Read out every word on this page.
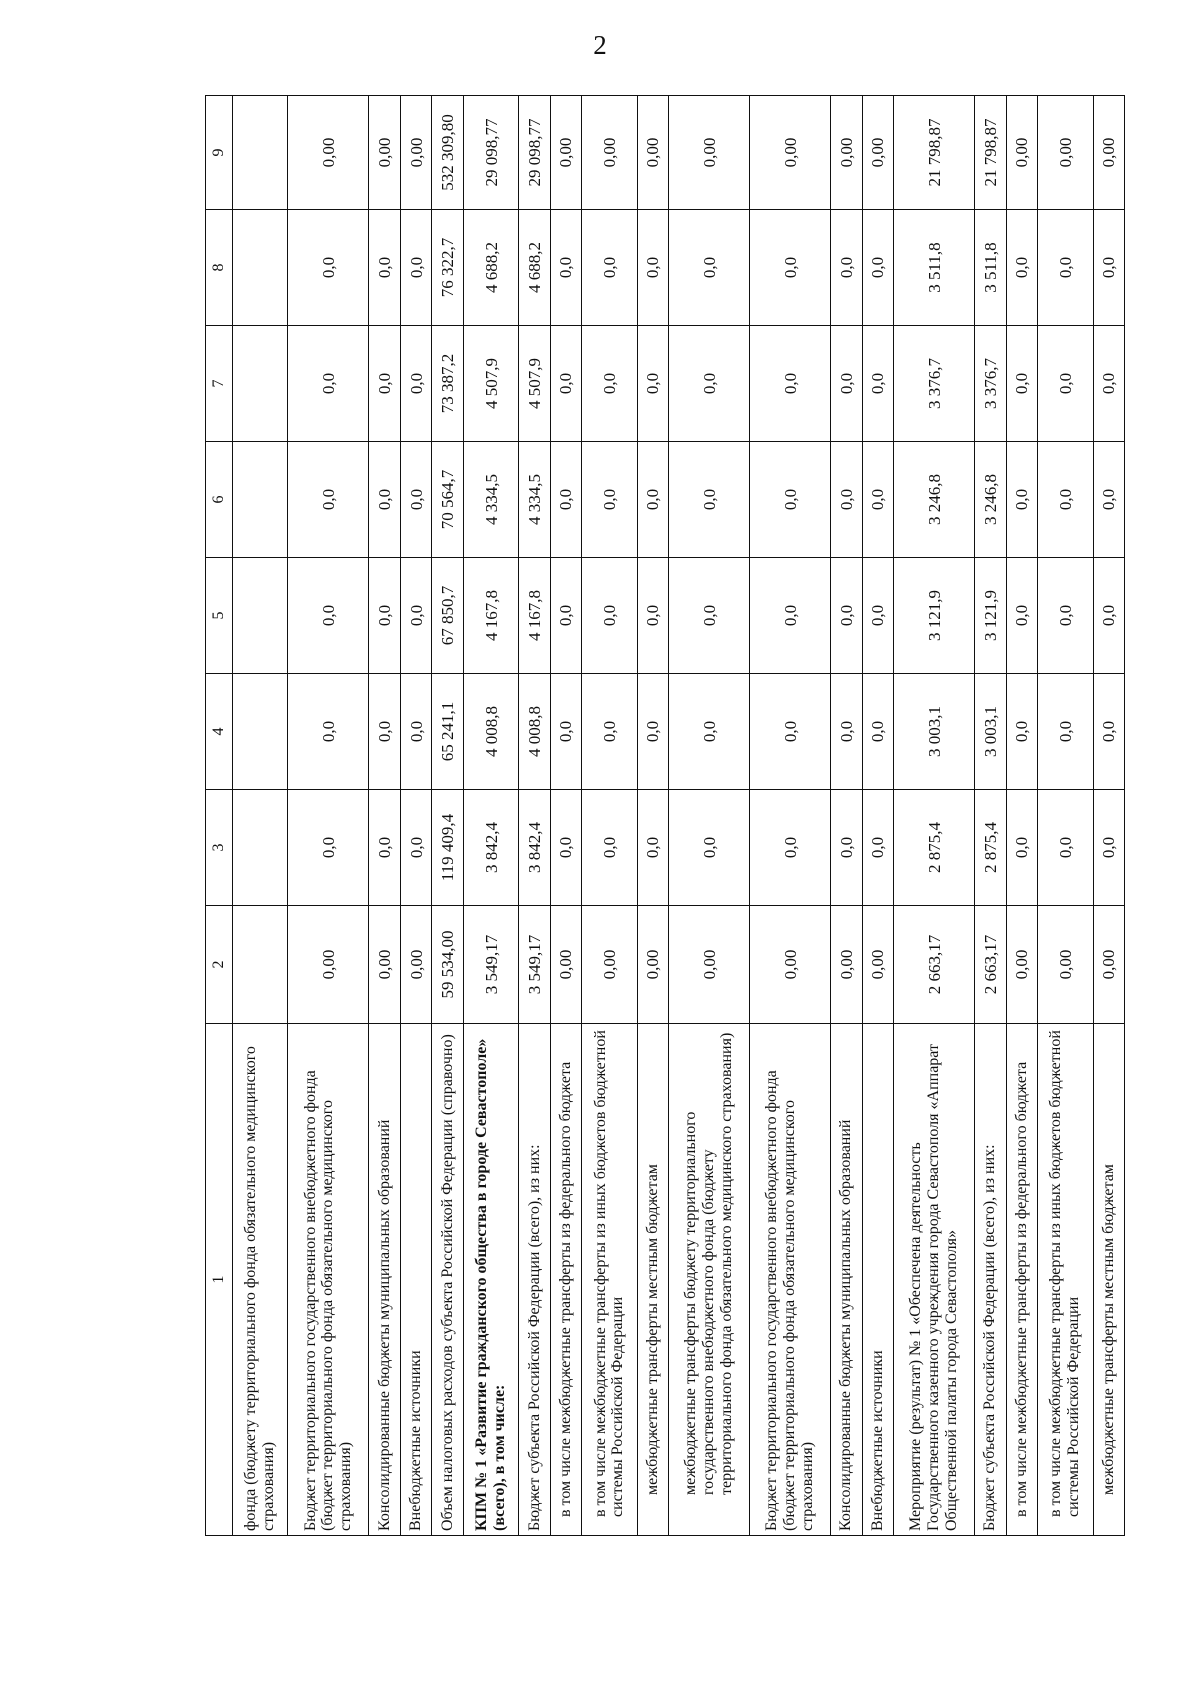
2
1	2	3	4	5	6	7	8	9
фонда (бюджету территориального фонда обязательного медицинского страхования)								
Бюджет территориального государственного внебюджетного фонда (бюджет территориального фонда обязательного медицинского страхования)	0,00	0,0	0,0	0,0	0,0	0,0	0,0	0,00
Консолидированные бюджеты муниципальных образований	0,00	0,0	0,0	0,0	0,0	0,0	0,0	0,00
Внебюджетные источники	0,00	0,0	0,0	0,0	0,0	0,0	0,0	0,00
Объем налоговых расходов субъекта Российской Федерации (справочно)	59 534,00	119 409,4	65 241,1	67 850,7	70 564,7	73 387,2	76 322,7	532 309,80
КПМ № 1 «Развитие гражданского общества в городе Севастополе» (всего), в том числе:	3 549,17	3 842,4	4 008,8	4 167,8	4 334,5	4 507,9	4 688,2	29 098,77
Бюджет субъекта Российской Федерации (всего), из них:	3 549,17	3 842,4	4 008,8	4 167,8	4 334,5	4 507,9	4 688,2	29 098,77
в том числе межбюджетные трансферты из федерального бюджета	0,00	0,0	0,0	0,0	0,0	0,0	0,0	0,00
в том числе межбюджетные трансферты из иных бюджетов бюджетной системы Российской Федерации	0,00	0,0	0,0	0,0	0,0	0,0	0,0	0,00
межбюджетные трансферты местным бюджетам	0,00	0,0	0,0	0,0	0,0	0,0	0,0	0,00
межбюджетные трансферты бюджету территориального государственного внебюджетного фонда (бюджету территориального фонда обязательного медицинского страхования)	0,00	0,0	0,0	0,0	0,0	0,0	0,0	0,00
Бюджет территориального государственного внебюджетного фонда (бюджет территориального фонда обязательного медицинского страхования)	0,00	0,0	0,0	0,0	0,0	0,0	0,0	0,00
Консолидированные бюджеты муниципальных образований	0,00	0,0	0,0	0,0	0,0	0,0	0,0	0,00
Внебюджетные источники	0,00	0,0	0,0	0,0	0,0	0,0	0,0	0,00
Мероприятие (результат) № 1 «Обеспечена деятельность Государственного казенного учреждения города Севастополя «Аппарат Общественной палаты города Севастополя»	2 663,17	2 875,4	3 003,1	3 121,9	3 246,8	3 376,7	3 511,8	21 798,87
Бюджет субъекта Российской Федерации (всего), из них:	2 663,17	2 875,4	3 003,1	3 121,9	3 246,8	3 376,7	3 511,8	21 798,87
в том числе межбюджетные трансферты из федерального бюджета	0,00	0,0	0,0	0,0	0,0	0,0	0,0	0,00
в том числе межбюджетные трансферты из иных бюджетов бюджетной системы Российской Федерации	0,00	0,0	0,0	0,0	0,0	0,0	0,0	0,00
межбюджетные трансферты местным бюджетам	0,00	0,0	0,0	0,0	0,0	0,0	0,0	0,00
